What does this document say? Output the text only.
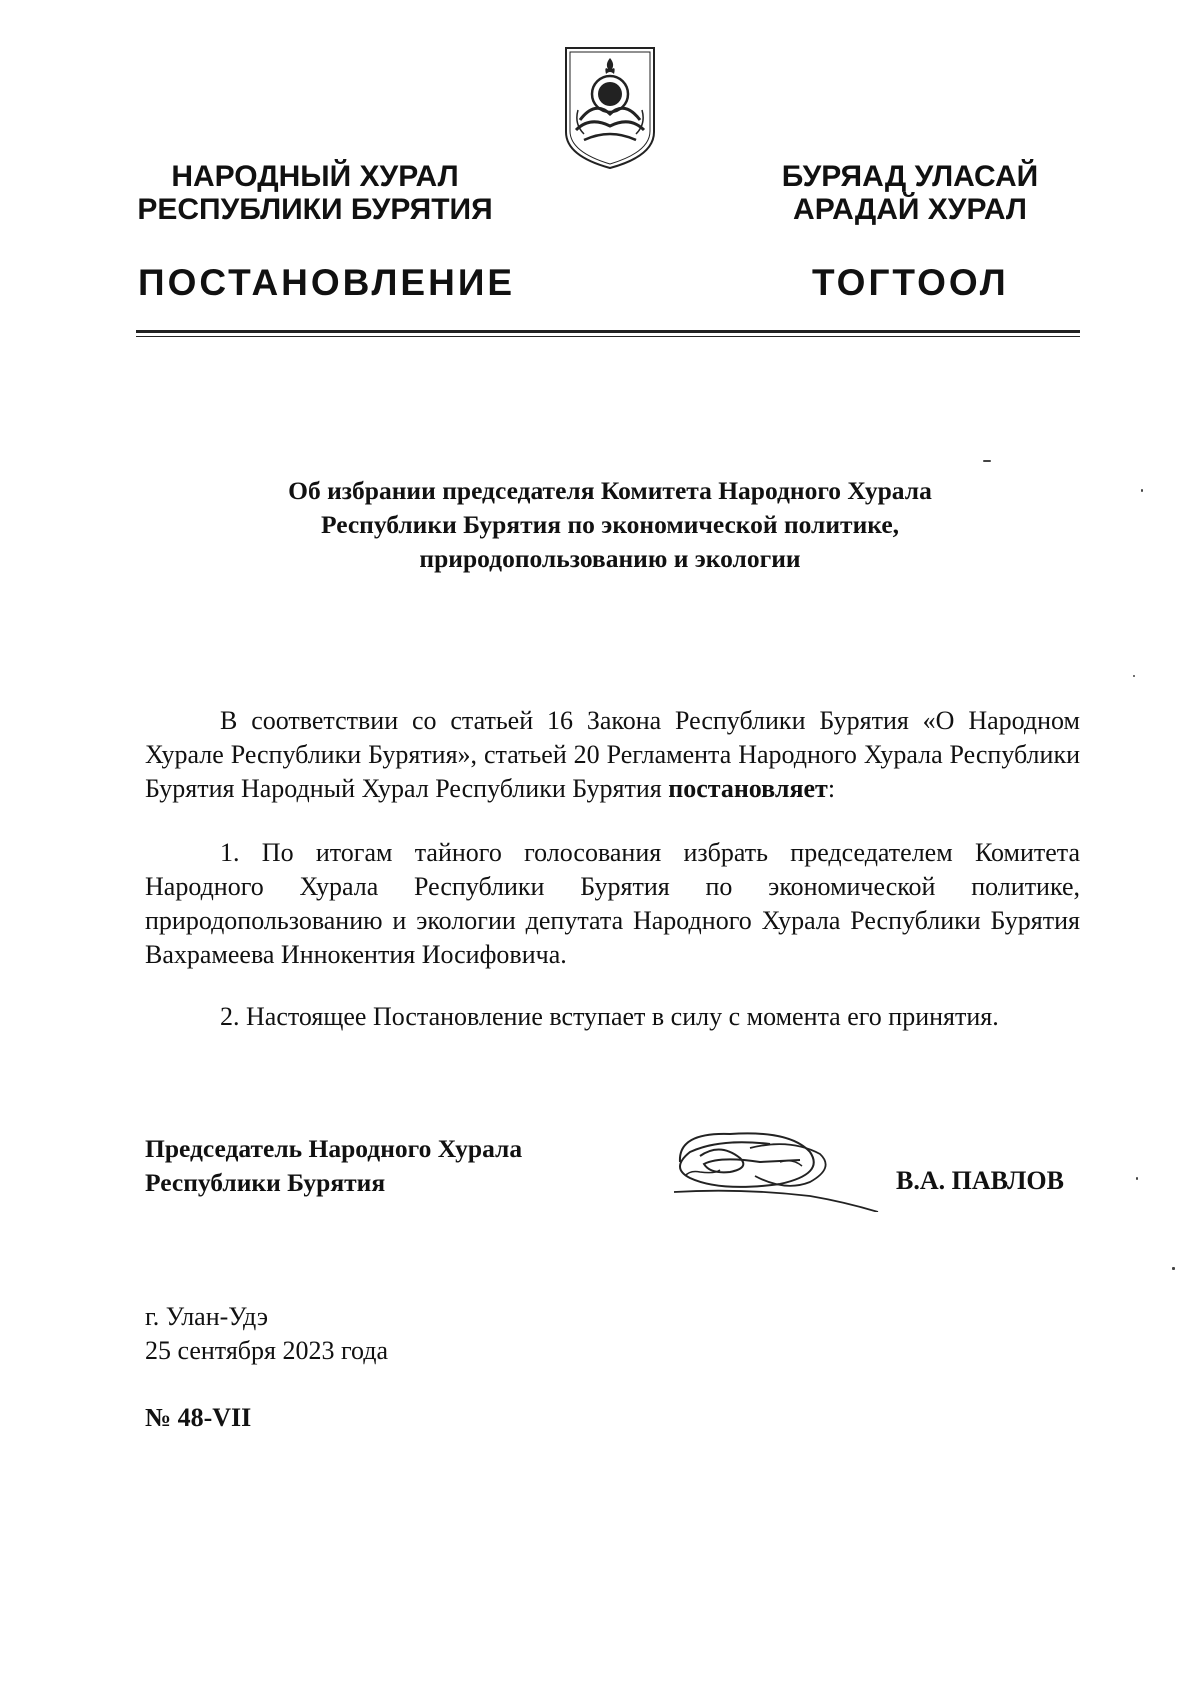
НАРОДНЫЙ ХУРАЛ
РЕСПУБЛИКИ БУРЯТИЯ
БУРЯАД УЛАСАЙ
АРАДАЙ ХУРАЛ
ПОСТАНОВЛЕНИЕ	ТОГТООЛ
Об избрании председателя Комитета Народного Хурала
Республики Бурятия по экономической политике,
природопользованию и экологии

В соответствии со статьей 16 Закона Республики Бурятия «О Народном Хурале Республики Бурятия», статьей 20 Регламента Народного Хурала Республики Бурятия Народный Хурал Республики Бурятия постановляет:

1. По итогам тайного голосования избрать председателем Комитета Народного Хурала Республики Бурятия по экономической политике, природопользованию и экологии депутата Народного Хурала Республики Бурятия Вахрамеева Иннокентия Иосифовича.

2. Настоящее Постановление вступает в силу с момента его принятия.

Председатель Народного Хурала
Республики Бурятия	В.А. ПАВЛОВ
г. Улан-Удэ
25 сентября 2023 года
№ 48-VII
